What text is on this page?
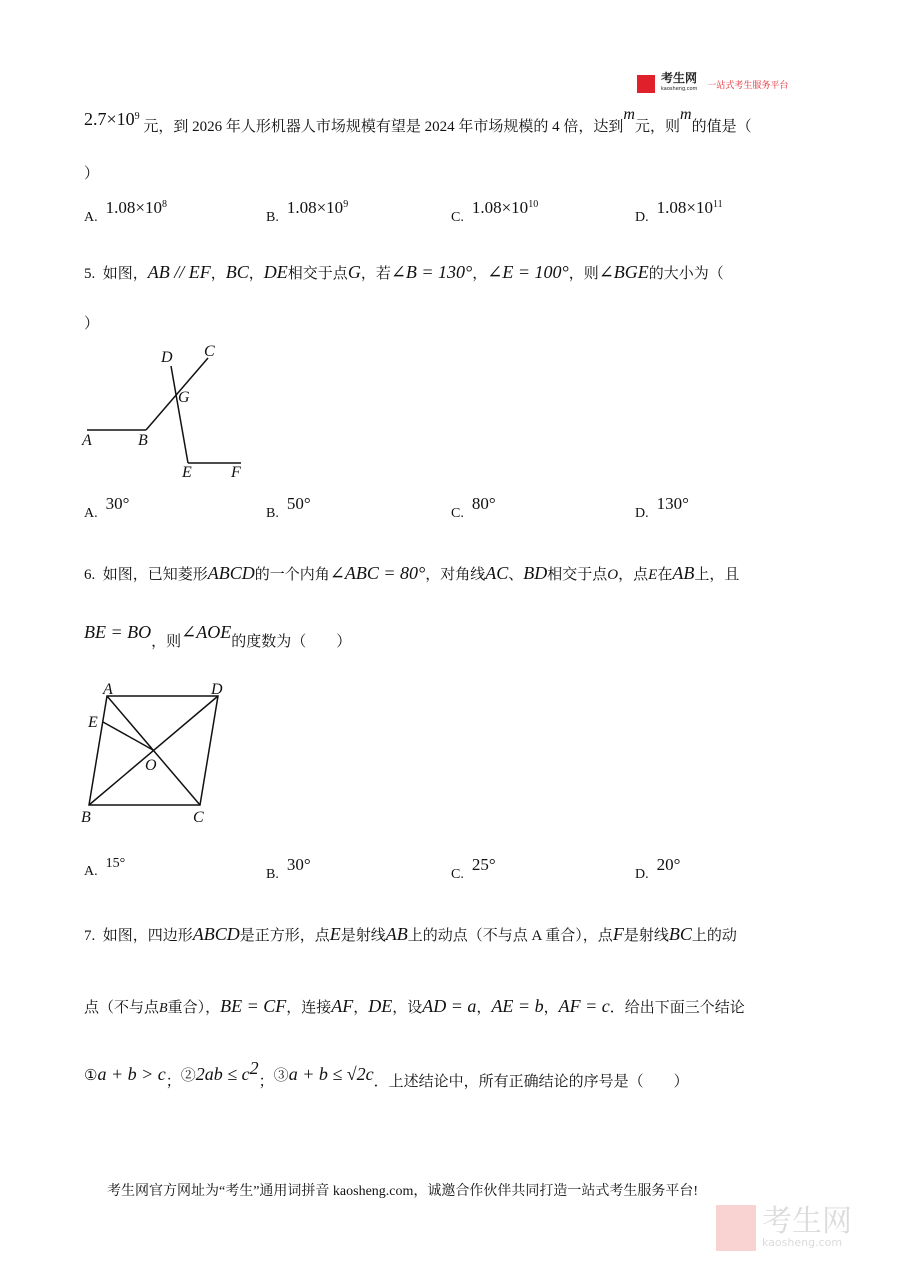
考生网
kaosheng.com 一站式考生服务平台
$2.7\times 10^9$ 元，到 2026 年人形机器人市场规模有望是 2024 年市场规模的 4 倍，达到$^m$元，则$^m$的值是（
）
$A.1.08\times 10^8$
$B.1.08\times 10^9$
$C.1.08\times 10^{10}$
$D.1.08\times 10^{11}$
5. 如图，AB // EF，BC，DE相交于点G，若∠B = 130°，∠E = 100°，则∠BGE的大小为（
）
D C
G
A	B
E F
A	D
E
O
B	C
A.30°
B.50°
C.80°
D.130°
6. 如图，已知菱形ABCD的一个内角∠ABC = 80°，对角线AC、BD相交于点O，点E在AB上，且
BE = BO，则∠AOE的度数为（　　）
A.15°
B.30°
C.25°
D.20°
7. 如图，四边形ABCD是正方形，点E是射线AB上的动点（不与点 A 重合），点F是射线BC上的动
点（不与点B重合），BE = CF，连接AF，DE，设AD = a，AE = b，AF = c．给出下面三个结论
①a + b > c；②2ab ≤ $c^2$；③a + b ≤ √2c．上述结论中，所有正确结论的序号是（　　）
考生网官方网址为“考生”通用词拼音 kaosheng.com，诚邀合作伙伴共同打造一站式考生服务平台!
考生网
kaosheng.com
